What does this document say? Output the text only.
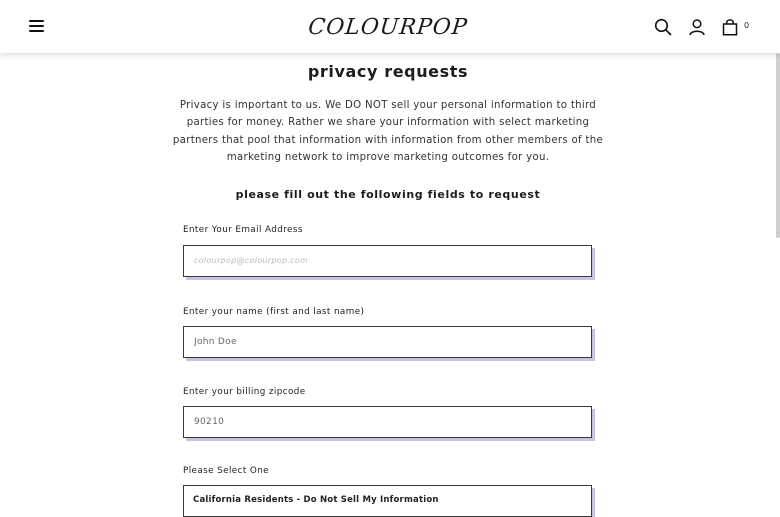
COLOURPOP	0
privacy requests
Privacy is important to us. We DO NOT sell your personal information to third parties for money. Rather we share your information with select marketing partners that pool that information with information from other members of the marketing network to improve marketing outcomes for you.
please fill out the following fields to request
Enter Your Email Address
colourpop@colourpop.com
Enter your name (first and last name)
John Doe
Enter your billing zipcode
90210
Please Select One
California Residents - Do Not Sell My Information
